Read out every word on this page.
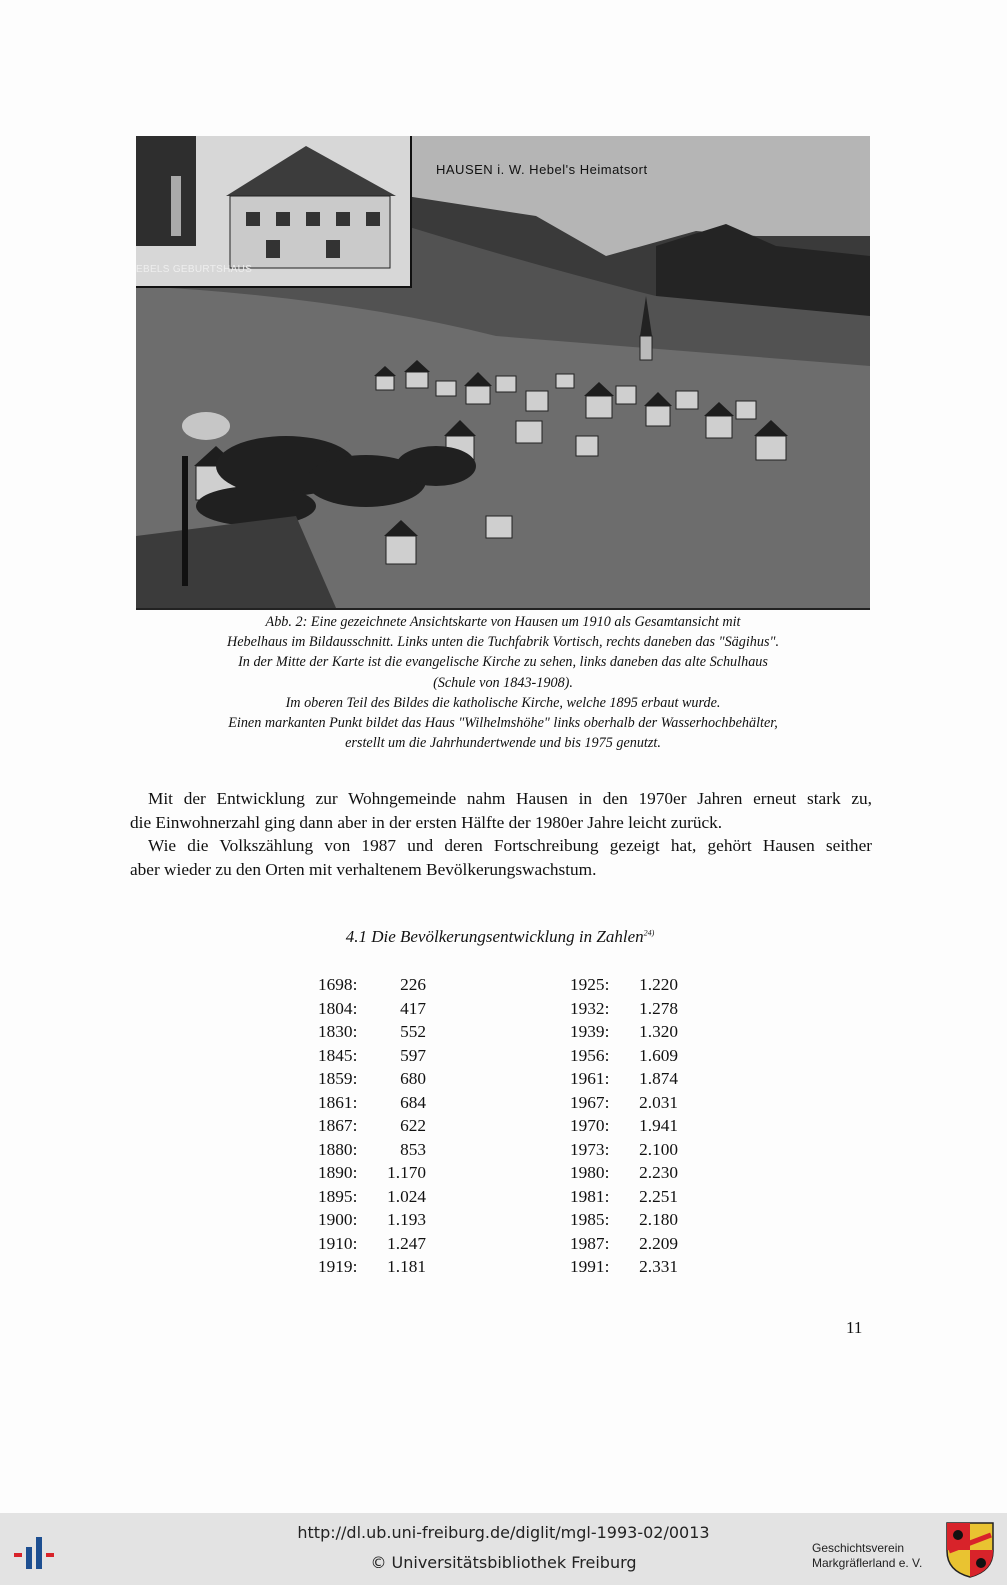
HAUSEN i. W. Hebel's Heimatsort
EBELS GEBURTSHAUS
Abb. 2: Eine gezeichnete Ansichtskarte von Hausen um 1910 als Gesamtansicht mit
Hebelhaus im Bildausschnitt. Links unten die Tuchfabrik Vortisch, rechts daneben das "Sägihus".
In der Mitte der Karte ist die evangelische Kirche zu sehen, links daneben das alte Schulhaus
(Schule von 1843-1908).
Im oberen Teil des Bildes die katholische Kirche, welche 1895 erbaut wurde.
Einen markanten Punkt bildet das Haus "Wilhelmshöhe" links oberhalb der Wasserhochbehälter,
erstellt um die Jahrhundertwende und bis 1975 genutzt.

Mit der Entwicklung zur Wohngemeinde nahm Hausen in den 1970er Jahren erneut stark zu,

die Einwohnerzahl ging dann aber in der ersten Hälfte der 1980er Jahre leicht zurück.

Wie die Volkszählung von 1987 und deren Fortschreibung gezeigt hat, gehört Hausen seither

aber wieder zu den Orten mit verhaltenem Bevölkerungswachstum.

4.1 Die Bevölkerungsentwicklung in Zahlen$^{24)}$
1698:	226
1804:	417
1830:	552
1845:	597
1859:	680
1861:	684
1867:	622
1880:	853
1890:	1.170
1895:	1.024
1900:	1.193
1910:	1.247
1919:	1.181
1925:	1.220
1932:	1.278
1939:	1.320
1956:	1.609
1961:	1.874
1967:	2.031
1970:	1.941
1973:	2.100
1980:	2.230
1981:	2.251
1985:	2.180
1987:	2.209
1991:	2.331
11
http://dl.ub.uni-freiburg.de/diglit/mgl-1993-02/0013
© Universitätsbibliothek Freiburg
Geschichtsverein
Markgräflerland e. V.
